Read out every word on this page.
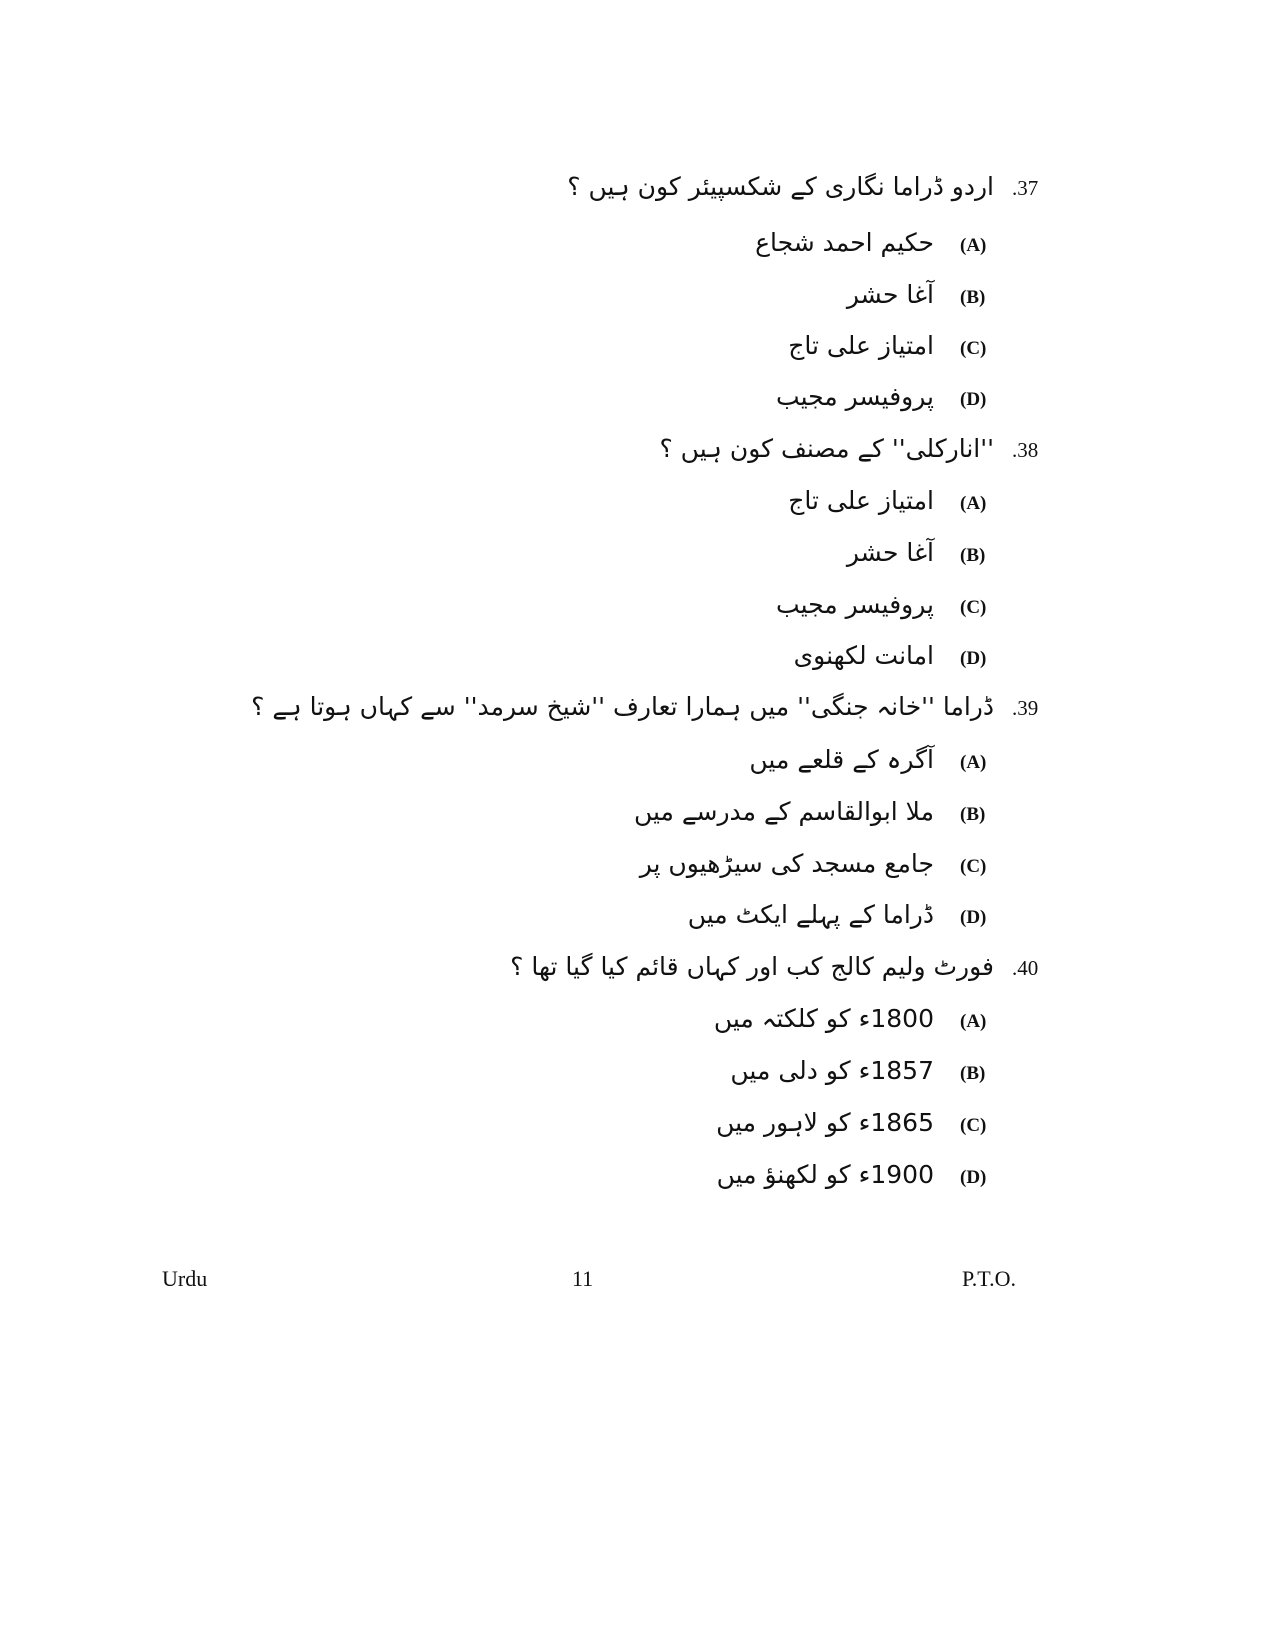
.37
اردو ڈراما نگاری کے شکسپیئر کون ہیں ؟
(A)
حکیم احمد شجاع
(B)
آغا حشر
(C)
امتیاز علی تاج
(D)
پروفیسر مجیب
.38
''انارکلی'' کے مصنف کون ہیں ؟
(A)
امتیاز علی تاج
(B)
آغا حشر
(C)
پروفیسر مجیب
(D)
امانت لکھنوی
.39
ڈراما ''خانہ جنگی'' میں ہمارا تعارف ''شیخ سرمد'' سے کہاں ہوتا ہے ؟
(A)
آگرہ کے قلعے میں
(B)
ملا ابوالقاسم کے مدرسے میں
(C)
جامع مسجد کی سیڑھیوں پر
(D)
ڈراما کے پہلے ایکٹ میں
.40
فورٹ ولیم کالج کب اور کہاں قائم کیا گیا تھا ؟
(A)
1800ء کو کلکتہ میں
(B)
1857ء کو دلی میں
(C)
1865ء کو لاہور میں
(D)
1900ء کو لکھنؤ میں
Urdu	11	P.T.O.
